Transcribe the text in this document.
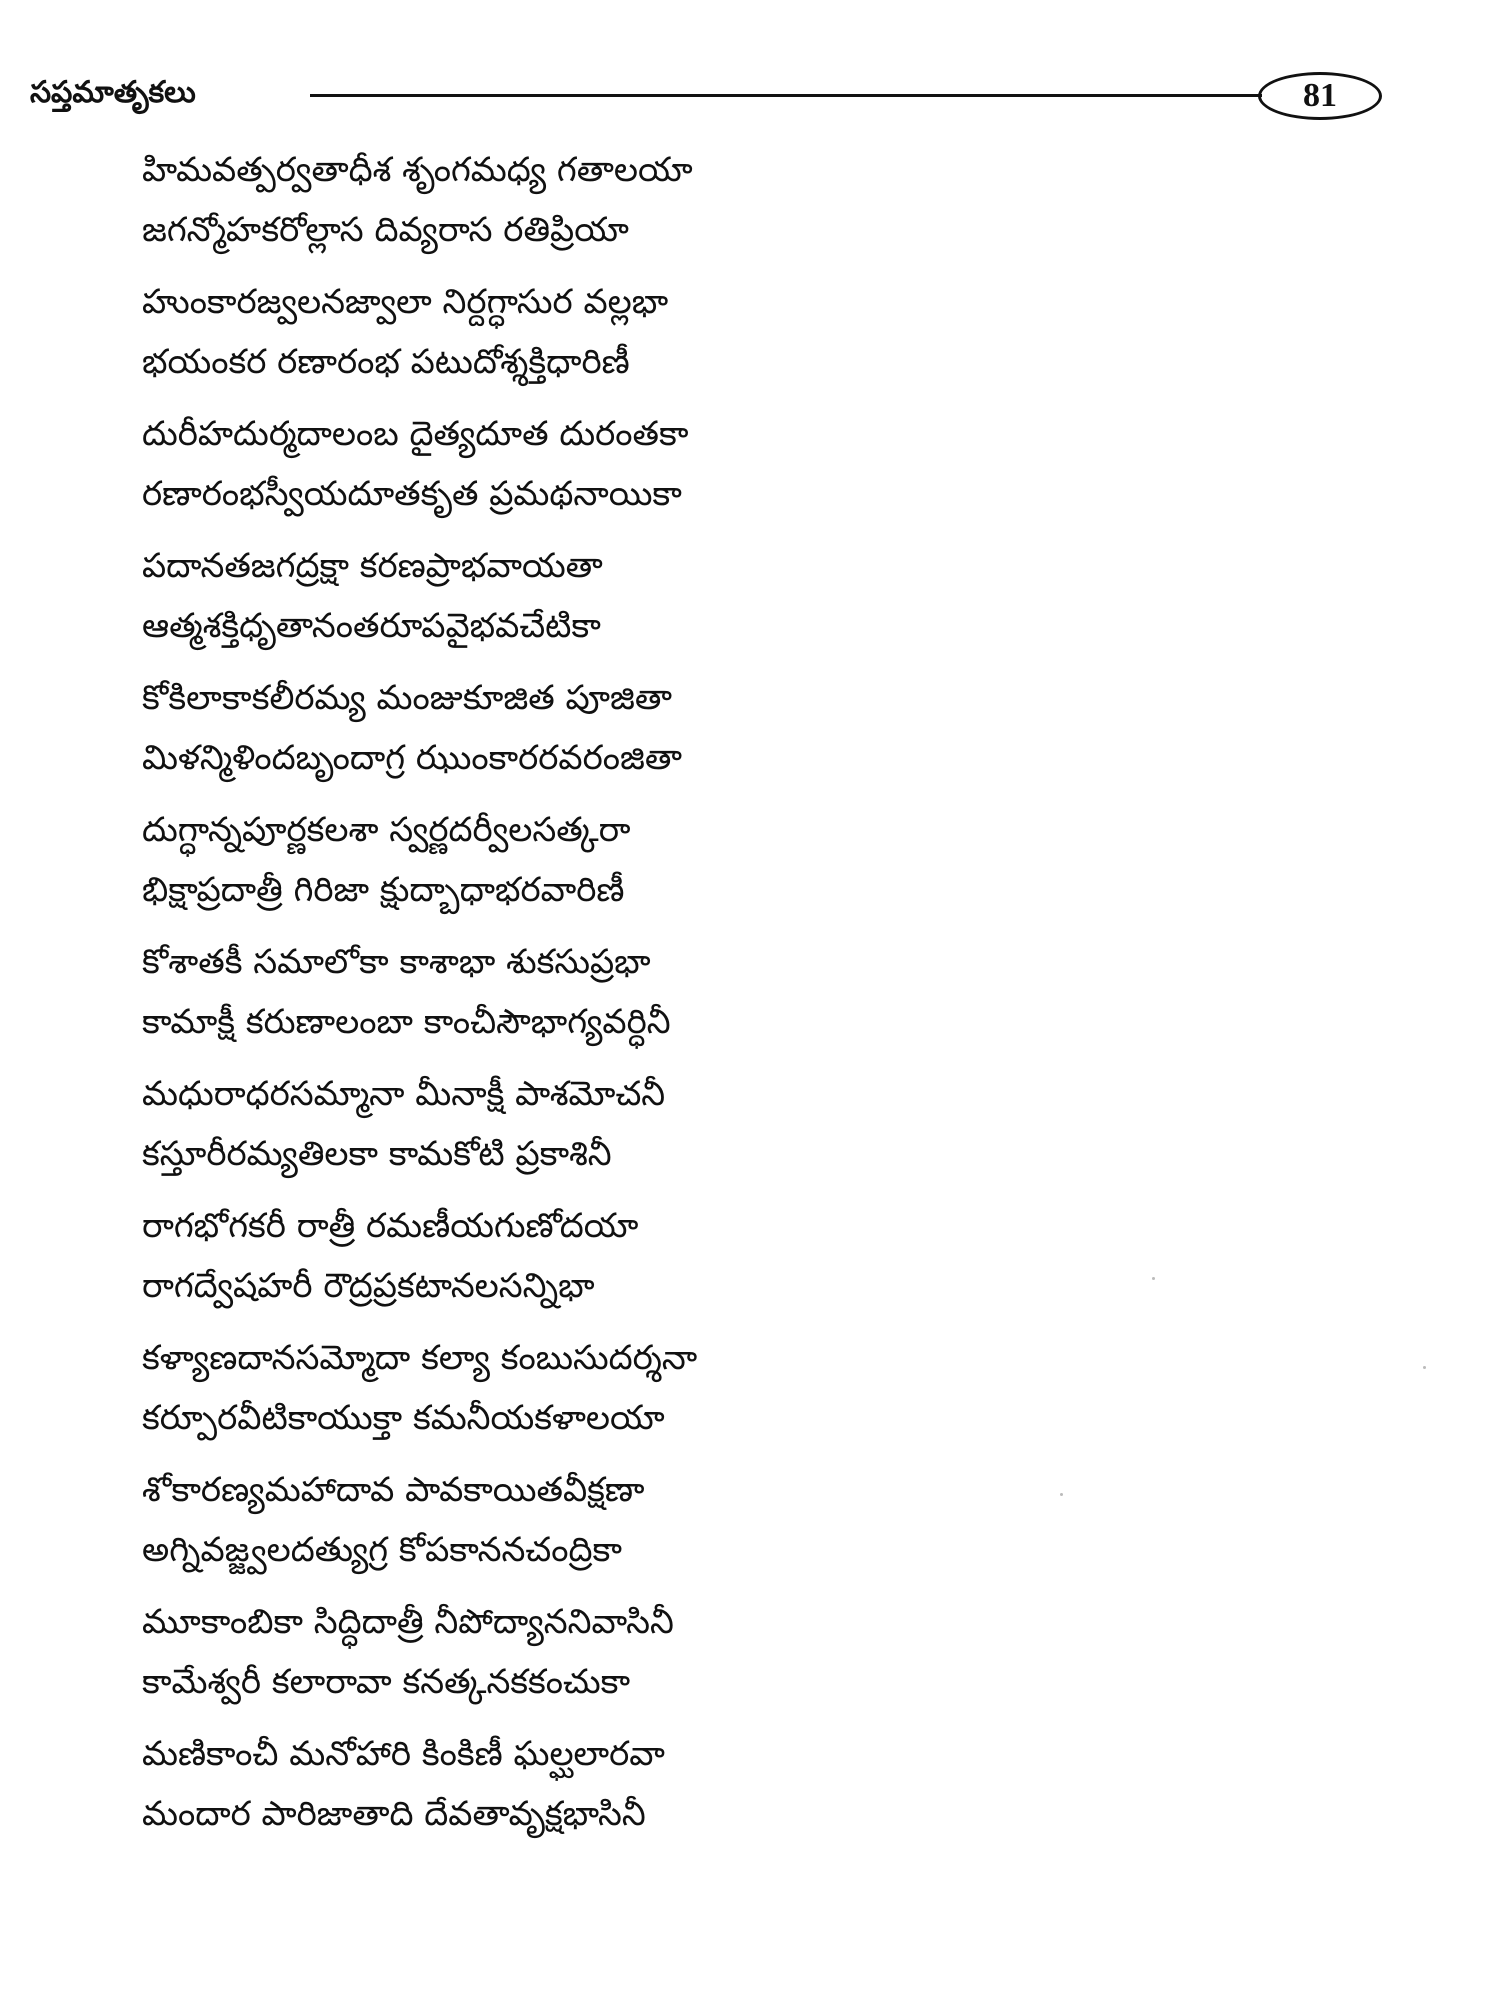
సప్తమాతృకలు	81
హిమవత్పర్వతాధీశ శృంగమధ్య గతాలయా
జగన్మోహకరోల్లాస దివ్యరాస రతిప్రియా
హుంకారజ్వలనజ్వాలా నిర్దగ్ధాసుర వల్లభా
భయంకర రణారంభ పటుదోశ్శక్తిధారిణీ
దురీహదుర్మదాలంబ దైత్యదూత దురంతకా
రణారంభస్వీయదూతకృత ప్రమథనాయికా
పదానతజగద్రక్షా కరణప్రాభవాయతా
ఆత్మశక్తిధృతానంతరూపవైభవచేటికా
కోకిలాకాకలీరమ్య మంజుకూజిత పూజితా
మిళన్మిళిందబృందాగ్ర ఝుంకారరవరంజితా
దుగ్ధాన్నపూర్ణకలశా స్వర్ణదర్వీలసత్కరా
భిక్షాప్రదాత్రీ గిరిజా క్షుద్బాధాభరవారిణీ
కోశాతకీ సమాలోకా కాశాభా శుకసుప్రభా
కామాక్షీ కరుణాలంబా కాంచీసౌభాగ్యవర్ధినీ
మధురాధరసమ్మానా మీనాక్షీ పాశమోచనీ
కస్తూరీరమ్యతిలకా కామకోటి ప్రకాశినీ
రాగభోగకరీ రాత్రీ రమణీయగుణోదయా
రాగద్వేషహరీ రౌద్రప్రకటానలసన్నిభా
కళ్యాణదానసమ్మోదా కల్యా కంబుసుదర్శనా
కర్పూరవీటికాయుక్తా కమనీయకళాలయా
శోకారణ్యమహాదావ పావకాయితవీక్షణా
అగ్నివజ్జ్వలదత్యుగ్ర కోపకాననచంద్రికా
మూకాంబికా సిద్ధిదాత్రీ నీపోద్యాననివాసినీ
కామేశ్వరీ కలారావా కనత్కనకకంచుకా
మణికాంచీ మనోహారి కింకిణీ ఘల్ఘలారవా
మందార పారిజాతాది దేవతావృక్షభాసినీ
